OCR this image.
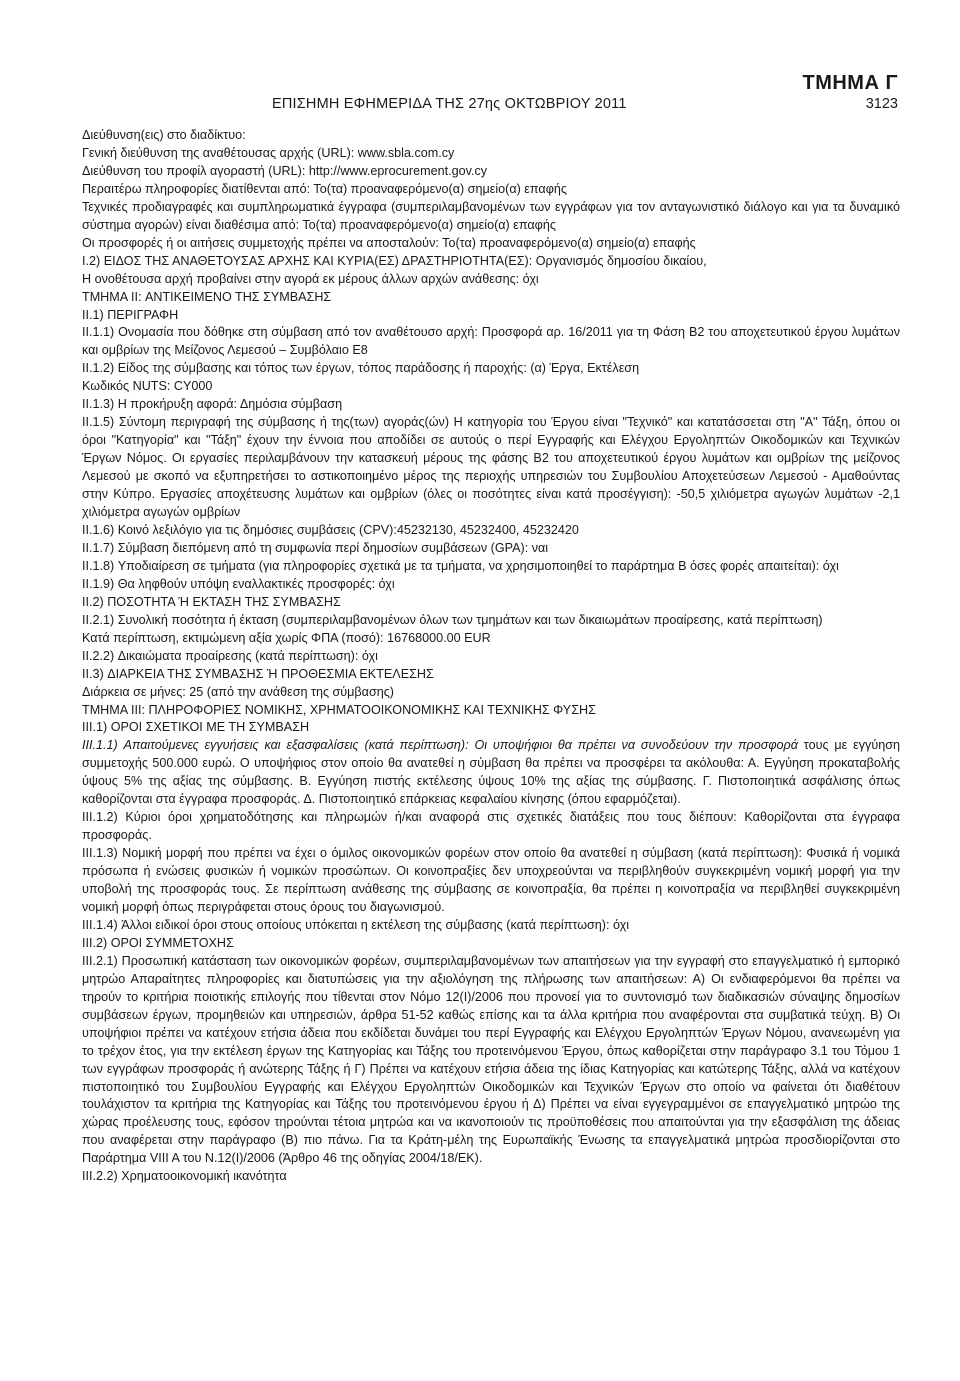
ΤΜΗΜΑ Γ
ΕΠΙΣΗΜΗ ΕΦΗΜΕΡΙΔΑ ΤΗΣ 27ης ΟΚΤΩΒΡΙΟΥ 2011	3123

Διεύθυνση(εις) στο διαδίκτυο:

Γενική διεύθυνση της αναθέτουσας αρχής (URL): www.sbla.com.cy

Διεύθυνση του προφίλ αγοραστή (URL): http://www.eprocurement.gov.cy

Περαιτέρω πληροφορίες διατίθενται από: Το(τα) προαναφερόμενο(α) σημείο(α) επαφής

Τεχνικές προδιαγραφές και συμπληρωματικά έγγραφα (συμπεριλαμβανομένων των εγγράφων για τον ανταγωνιστικό διάλογο και για τα δυναμικό σύστημα αγορών) είναι διαθέσιμα από: Το(τα) προαναφερόμενο(α) σημείο(α) επαφής

Οι προσφορές ή οι αιτήσεις συμμετοχής πρέπει να αποσταλούν: Το(τα) προαναφερόμενο(α) σημείο(α) επαφής

I.2) ΕΙΔΟΣ ΤΗΣ ΑΝΑΘΕΤΟΥΣΑΣ ΑΡΧΗΣ ΚΑΙ ΚΥΡΙΑ(ΕΣ) ΔΡΑΣΤΗΡΙΟΤΗΤΑ(ΕΣ): Οργανισμός δημοσίου δικαίου,

Η ονοθέτουσα αρχή προβαίνει στην αγορά εκ μέρους άλλων αρχών ανάθεσης: όχι

ΤΜΗΜΑ II: ΑΝΤΙΚΕΙΜΕΝΟ ΤΗΣ ΣΥΜΒΑΣΗΣ

II.1) ΠΕΡΙΓΡΑΦΗ

II.1.1) Ονομασία που δόθηκε στη σύμβαση από τον αναθέτουσο αρχή: Προσφορά αρ. 16/2011 για τη Φάση Β2 του αποχετευτικού έργου λυμάτων και ομβρίων της Μείζονος Λεμεσού – Συμβόλαιο Ε8

II.1.2) Είδος της σύμβασης και τόπος των έργων, τόπος παράδοσης ή παροχής: (α) Έργα, Εκτέλεση

Κωδικός NUTS: CY000

II.1.3) Η προκήρυξη αφορά: Δημόσια σύμβαση

II.1.5) Σύντομη περιγραφή της σύμβασης ή της(των) αγοράς(ών) Η κατηγορία του Έργου είναι "Τεχνικό" και κατατάσσεται στη "Α" Τάξη, όπου οι όροι "Κατηγορία" και "Τάξη" έχουν την έννοια που αποδίδει σε αυτούς ο περί Εγγραφής και Ελέγχου Εργοληπτών Οικοδομικών και Τεχνικών Έργων Νόμος. Οι εργασίες περιλαμβάνουν την κατασκευή μέρους της φάσης Β2 του αποχετευτικού έργου λυμάτων και ομβρίων της μείζονος Λεμεσού με σκοπό να εξυπηρετήσει το αστικοποιημένο μέρος της περιοχής υπηρεσιών του Συμβουλίου Αποχετεύσεων Λεμεσού - Αμαθούντας στην Κύπρο. Εργασίες αποχέτευσης λυμάτων και ομβρίων (όλες οι ποσότητες είναι κατά προσέγγιση): -50,5 χιλιόμετρα αγωγών λυμάτων -2,1 χιλιόμετρα αγωγών ομβρίων

II.1.6) Κοινό λεξιλόγιο για τις δημόσιες συμβάσεις (CPV):45232130, 45232400, 45232420

II.1.7) Σύμβαση διεπόμενη από τη συμφωνία περί δημοσίων συμβάσεων (GPA): ναι

II.1.8) Υποδιαίρεση σε τμήματα (για πληροφορίες σχετικά με τα τμήματα, να χρησιμοποιηθεί το παράρτημα Β όσες φορές απαιτείται): όχι

II.1.9) Θα ληφθούν υπόψη εναλλακτικές προσφορές: όχι

II.2) ΠΟΣΟΤΗΤΑ Ή ΕΚΤΑΣΗ ΤΗΣ ΣΥΜΒΑΣΗΣ

II.2.1) Συνολική ποσότητα ή έκταση (συμπεριλαμβανομένων όλων των τμημάτων και των δικαιωμάτων προαίρεσης, κατά περίπτωση)

Κατά περίπτωση, εκτιμώμενη αξία χωρίς ΦΠΑ (ποσό): 16768000.00 EUR

II.2.2) Δικαιώματα προαίρεσης (κατά περίπτωση): όχι

II.3) ΔΙΑΡΚΕΙΑ ΤΗΣ ΣΥΜΒΑΣΗΣ Ή ΠΡΟΘΕΣΜΙΑ ΕΚΤΕΛΕΣΗΣ

Διάρκεια σε μήνες: 25 (από την ανάθεση της σύμβασης)

ΤΜΗΜΑ III: ΠΛΗΡΟΦΟΡΙΕΣ ΝΟΜΙΚΗΣ, ΧΡΗΜΑΤΟΟΙΚΟΝΟΜΙΚΗΣ ΚΑΙ ΤΕΧΝΙΚΗΣ ΦΥΣΗΣ

III.1) ΟΡΟΙ ΣΧΕΤΙΚΟΙ ΜΕ ΤΗ ΣΥΜΒΑΣΗ

III.1.1) Απαιτούμενες εγγυήσεις και εξασφαλίσεις (κατά περίπτωση): Οι υποψήφιοι θα πρέπει να συνοδεύουν την προσφορά τους με εγγύηση συμμετοχής 500.000 ευρώ. Ο υποψήφιος στον οποίο θα ανατεθεί η σύμβαση θα πρέπει να προσφέρει τα ακόλουθα: Α. Εγγύηση προκαταβολής ύψους 5% της αξίας της σύμβασης. Β. Εγγύηση πιστής εκτέλεσης ύψους 10% της αξίας της σύμβασης. Γ. Πιστοποιητικά ασφάλισης όπως καθορίζονται στα έγγραφα προσφοράς. Δ. Πιστοποιητικό επάρκειας κεφαλαίου κίνησης (όπου εφαρμόζεται).

III.1.2) Κύριοι όροι χρηματοδότησης και πληρωμών ή/και αναφορά στις σχετικές διατάξεις που τους διέπουν: Καθορίζονται στα έγγραφα προσφοράς.

III.1.3) Νομική μορφή που πρέπει να έχει ο όμιλος οικονομικών φορέων στον οποίο θα ανατεθεί η σύμβαση (κατά περίπτωση): Φυσικά ή νομικά πρόσωπα ή ενώσεις φυσικών ή νομικών προσώπων. Οι κοινοπραξίες δεν υποχρεούνται να περιβληθούν συγκεκριμένη νομική μορφή για την υποβολή της προσφοράς τους. Σε περίπτωση ανάθεσης της σύμβασης σε κοινοπραξία, θα πρέπει η κοινοπραξία να περιβληθεί συγκεκριμένη νομική μορφή όπως περιγράφεται στους όρους του διαγωνισμού.

III.1.4) Άλλοι ειδικοί όροι στους οποίους υπόκειται η εκτέλεση της σύμβασης (κατά περίπτωση): όχι

III.2) ΟΡΟΙ ΣΥΜΜΕΤΟΧΗΣ

III.2.1) Προσωπική κατάσταση των οικονομικών φορέων, συμπεριλαμβανομένων των απαιτήσεων για την εγγραφή στο επαγγελματικό ή εμπορικό μητρώο Απαραίτητες πληροφορίες και διατυπώσεις για την αξιολόγηση της πλήρωσης των απαιτήσεων: Α) Οι ενδιαφερόμενοι θα πρέπει να τηρούν το κριτήρια ποιοτικής επιλογής που τίθενται στον Νόμο 12(I)/2006 που προνοεί για το συντονισμό των διαδικασιών σύναψης δημοσίων συμβάσεων έργων, προμηθειών και υπηρεσιών, άρθρα 51-52 καθώς επίσης και τα άλλα κριτήρια που αναφέρονται στα συμβατικά τεύχη. Β) Οι υποψήφιοι πρέπει να κατέχουν ετήσια άδεια που εκδίδεται δυνάμει του περί Εγγραφής και Ελέγχου Εργοληπτών Έργων Νόμου, ανανεωμένη για το τρέχον έτος, για την εκτέλεση έργων της Κατηγορίας και Τάξης του προτεινόμενου Έργου, όπως καθορίζεται στην παράγραφο 3.1 του Τόμου 1 των εγγράφων προσφοράς ή ανώτερης Τάξης ή Γ) Πρέπει να κατέχουν ετήσια άδεια της ίδιας Κατηγορίας και κατώτερης Τάξης, αλλά να κατέχουν πιστοποιητικό του Συμβουλίου Εγγραφής και Ελέγχου Εργοληπτών Οικοδομικών και Τεχνικών Έργων στο οποίο να φαίνεται ότι διαθέτουν τουλάχιστον τα κριτήρια της Κατηγορίας και Τάξης του προτεινόμενου έργου ή Δ) Πρέπει να είναι εγγεγραμμένοι σε επαγγελματικό μητρώο της χώρας προέλευσης τους, εφόσον τηρούνται τέτοια μητρώα και να ικανοποιούν τις προϋποθέσεις που απαιτούνται για την εξασφάλιση της άδειας που αναφέρεται στην παράγραφο (Β) πιο πάνω. Για τα Κράτη-μέλη της Ευρωπαϊκής Ένωσης τα επαγγελματικά μητρώα προσδιορίζονται στο Παράρτημα VIII A του N.12(I)/2006 (Άρθρο 46 της οδηγίας 2004/18/ΕΚ).

III.2.2) Χρηματοοικονομική ικανότητα
